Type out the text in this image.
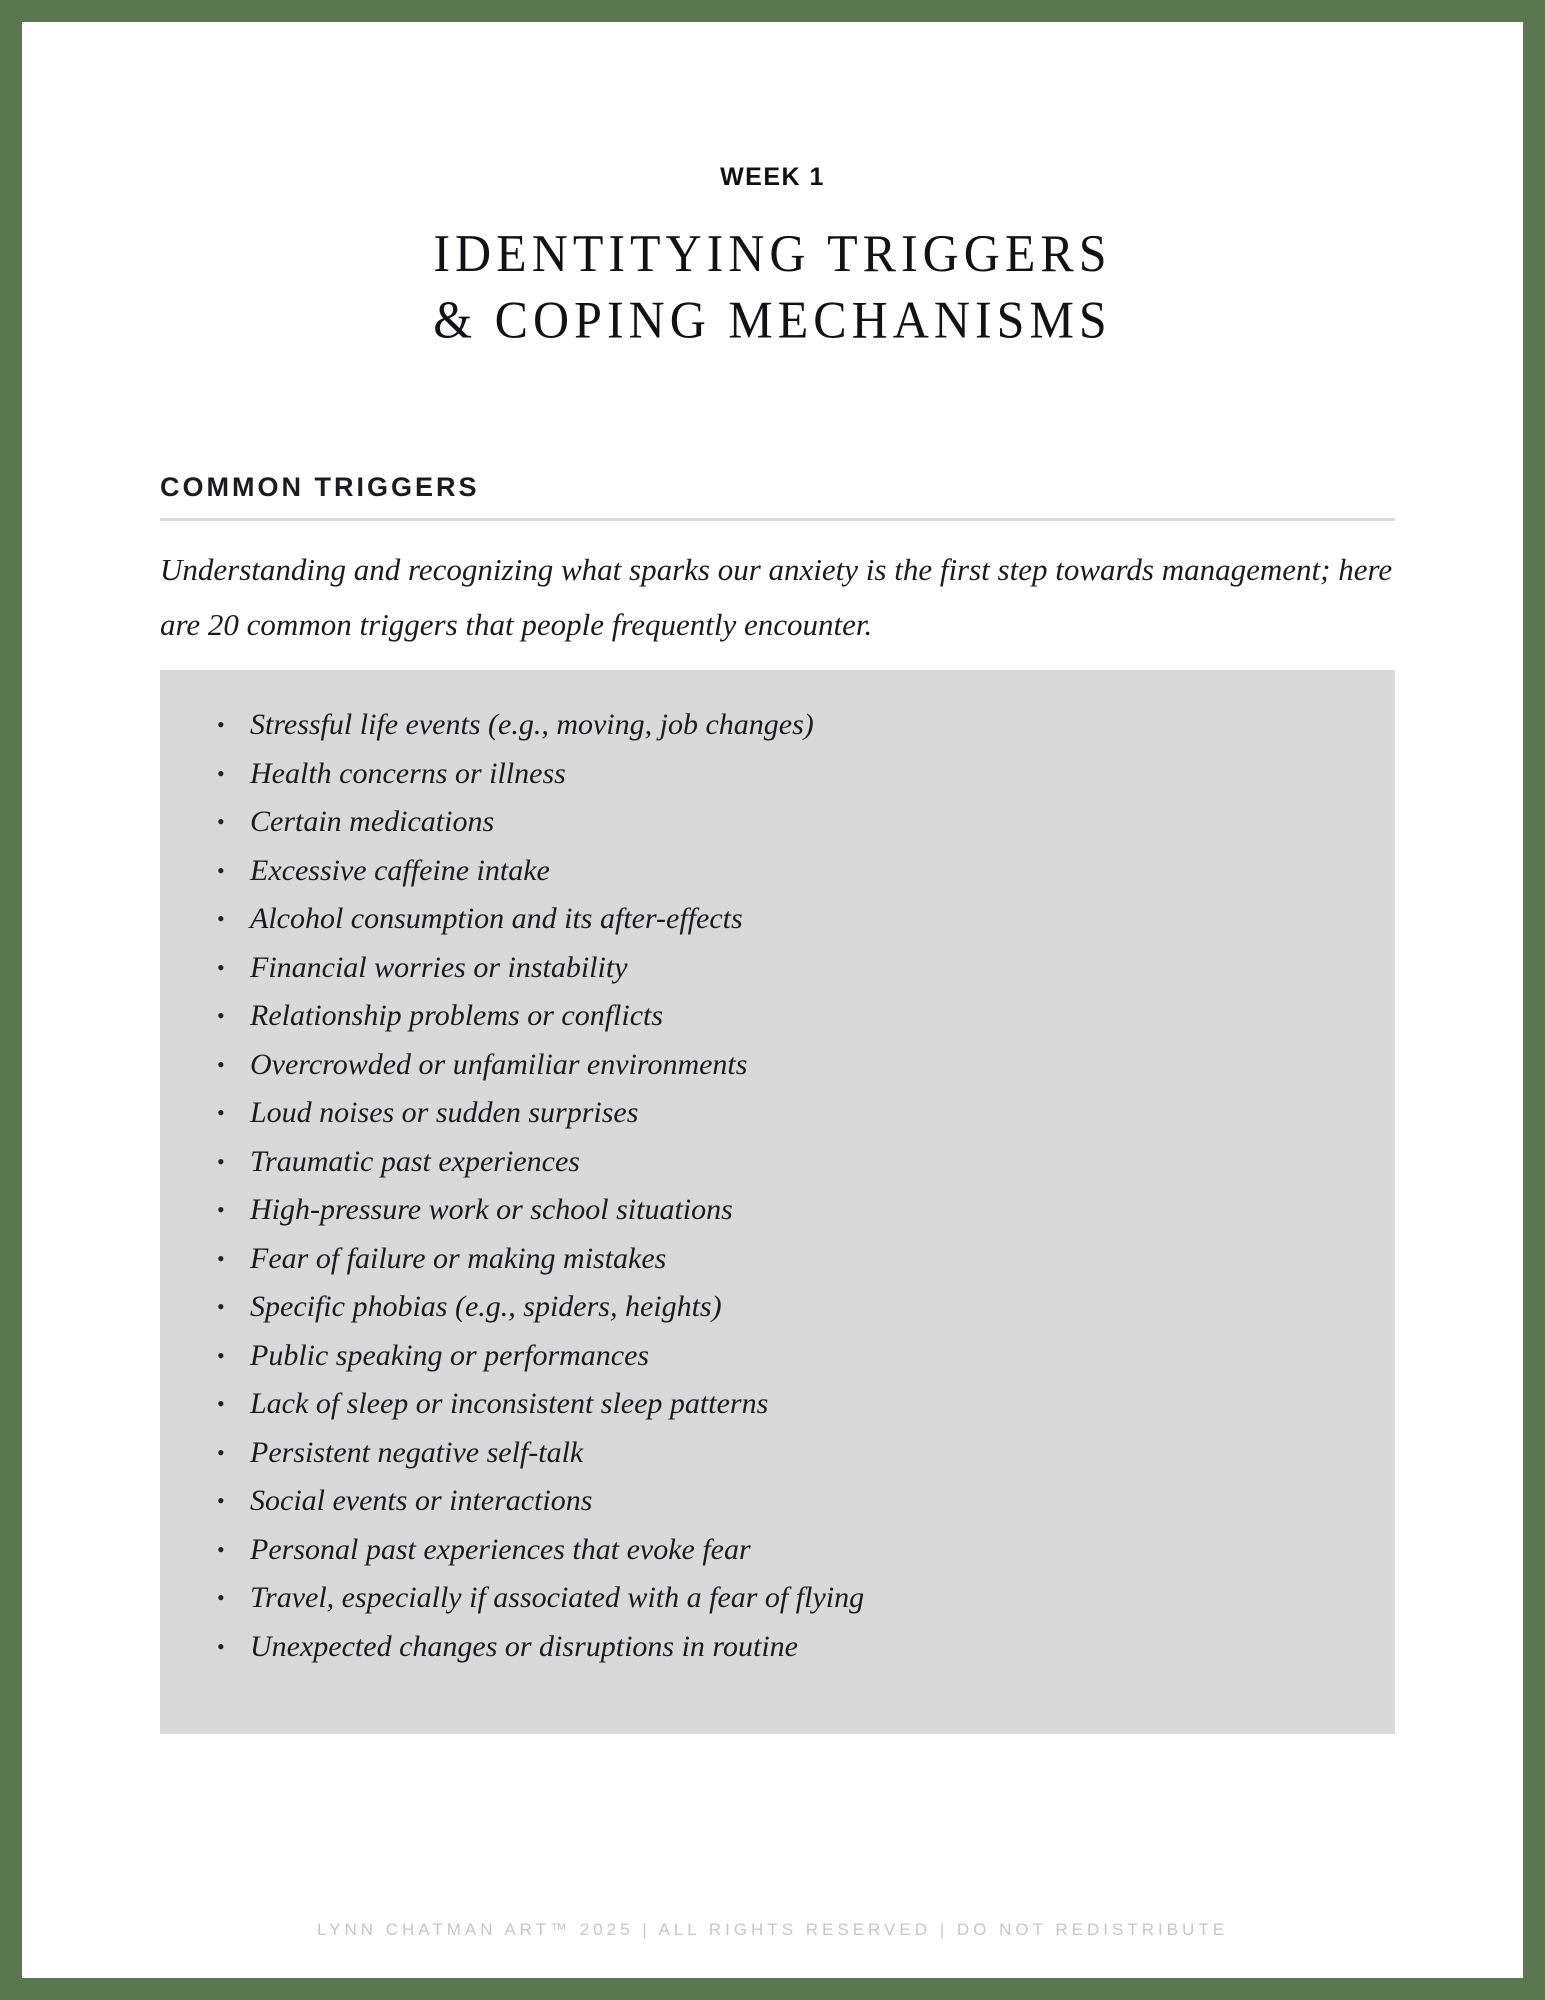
WEEK 1
IDENTITYING TRIGGERS
& COPING MECHANISMS
COMMON TRIGGERS
Understanding and recognizing what sparks our anxiety is the first step towards management; here are 20 common triggers that people frequently encounter.
• Stressful life events (e.g., moving, job changes)
• Health concerns or illness
• Certain medications
• Excessive caffeine intake
• Alcohol consumption and its after-effects
• Financial worries or instability
• Relationship problems or conflicts
• Overcrowded or unfamiliar environments
• Loud noises or sudden surprises
• Traumatic past experiences
• High-pressure work or school situations
• Fear of failure or making mistakes
• Specific phobias (e.g., spiders, heights)
• Public speaking or performances
• Lack of sleep or inconsistent sleep patterns
• Persistent negative self-talk
• Social events or interactions
• Personal past experiences that evoke fear
• Travel, especially if associated with a fear of flying
• Unexpected changes or disruptions in routine
LYNN CHATMAN ART™ 2025 | ALL RIGHTS RESERVED | DO NOT REDISTRIBUTE
